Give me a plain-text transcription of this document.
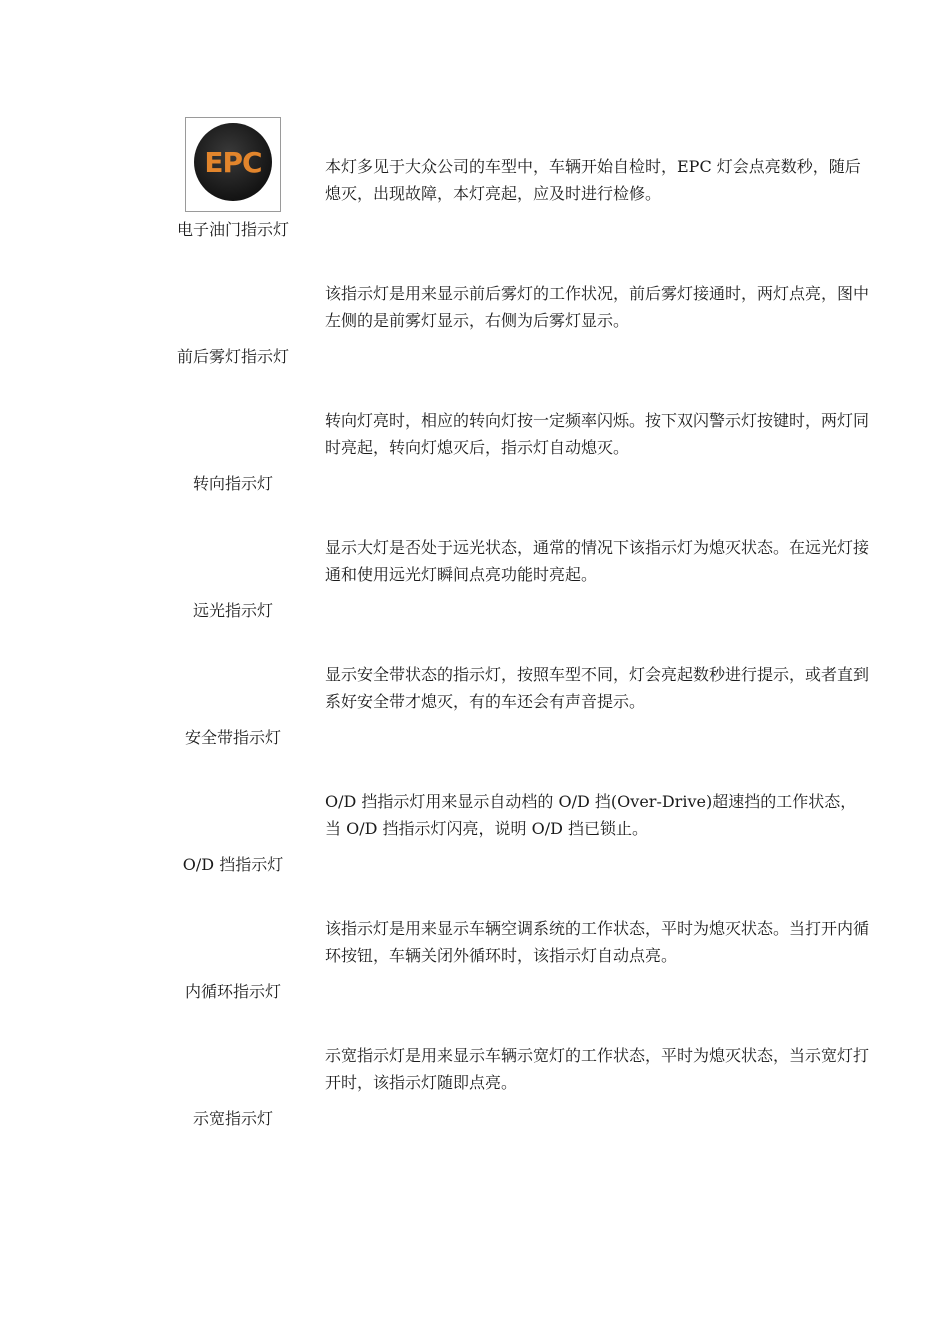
EPC	本灯多见于大众公司的车型中，车辆开始自检时，EPC 灯会点亮数秒，随后熄灭，出现故障，本灯亮起，应及时进行检修。

电子油门指示灯

该指示灯是用来显示前后雾灯的工作状况，前后雾灯接通时，两灯点亮，图中左侧的是前雾灯显示，右侧为后雾灯显示。

前后雾灯指示灯

转向灯亮时，相应的转向灯按一定频率闪烁。按下双闪警示灯按键时，两灯同时亮起，转向灯熄灭后，指示灯自动熄灭。

转向指示灯

显示大灯是否处于远光状态，通常的情况下该指示灯为熄灭状态。在远光灯接通和使用远光灯瞬间点亮功能时亮起。

远光指示灯

显示安全带状态的指示灯，按照车型不同，灯会亮起数秒进行提示，或者直到系好安全带才熄灭，有的车还会有声音提示。

安全带指示灯

O/D 挡指示灯用来显示自动档的 O/D 挡(Over-Drive)超速挡的工作状态，当 O/D 挡指示灯闪亮，说明 O/D 挡已锁止。

O/D 挡指示灯

该指示灯是用来显示车辆空调系统的工作状态，平时为熄灭状态。当打开内循环按钮，车辆关闭外循环时，该指示灯自动点亮。

内循环指示灯

示宽指示灯是用来显示车辆示宽灯的工作状态，平时为熄灭状态，当示宽灯打开时，该指示灯随即点亮。

示宽指示灯
